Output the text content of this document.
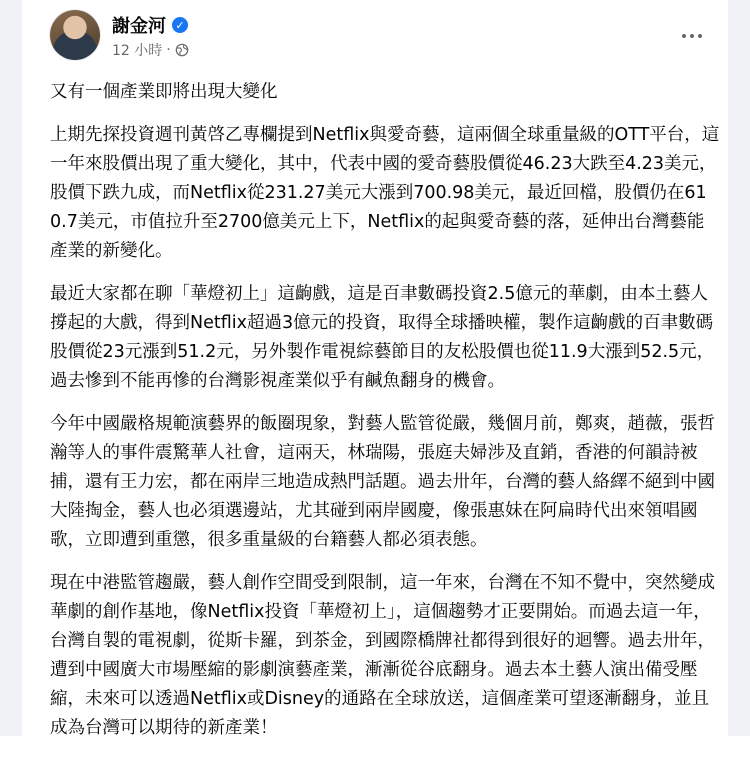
謝金河 ✓
12 小時 ·

又有一個產業即將出現大變化

上期先探投資週刊黃啓乙專欄提到Netflix與愛奇藝，這兩個全球重量級的OTT平台，這一年來股價出現了重大變化，其中，代表中國的愛奇藝股價從46.23大跌至4.23美元，股價下跌九成，而Netflix從231.27美元大漲到700.98美元，最近回檔，股價仍在610.7美元，市值拉升至2700億美元上下，Netflix的起與愛奇藝的落，延伸出台灣藝能產業的新變化。

最近大家都在聊「華燈初上」這齣戲，這是百聿數碼投資2.5億元的華劇，由本土藝人撐起的大戲，得到Netflix超過3億元的投資，取得全球播映權，製作這齣戲的百聿數碼股價從23元漲到51.2元，另外製作電視綜藝節目的友松股價也從11.9大漲到52.5元，過去慘到不能再慘的台灣影視產業似乎有鹹魚翻身的機會。

今年中國嚴格規範演藝界的飯圈現象，對藝人監管從嚴，幾個月前，鄭爽，趙薇，張哲瀚等人的事件震驚華人社會，這兩天，林瑞陽，張庭夫婦涉及直銷，香港的何韻詩被捕，還有王力宏，都在兩岸三地造成熱門話題。過去卅年，台灣的藝人絡繹不絕到中國大陸掏金，藝人也必須選邊站，尤其碰到兩岸國慶，像張惠妹在阿扁時代出來領唱國歌，立即遭到重懲，很多重量級的台籍藝人都必須表態。

現在中港監管趨嚴，藝人創作空間受到限制，這一年來，台灣在不知不覺中，突然變成華劇的創作基地，像Netflix投資「華燈初上」，這個趨勢才正要開始。而過去這一年，台灣自製的電視劇，從斯卡羅，到茶金，到國際橋牌社都得到很好的迴響。過去卅年，遭到中國廣大市場壓縮的影劇演藝產業，漸漸從谷底翻身。過去本土藝人演出備受壓縮，未來可以透過Netflix或Disney的通路在全球放送，這個產業可望逐漸翻身，並且成為台灣可以期待的新產業！
